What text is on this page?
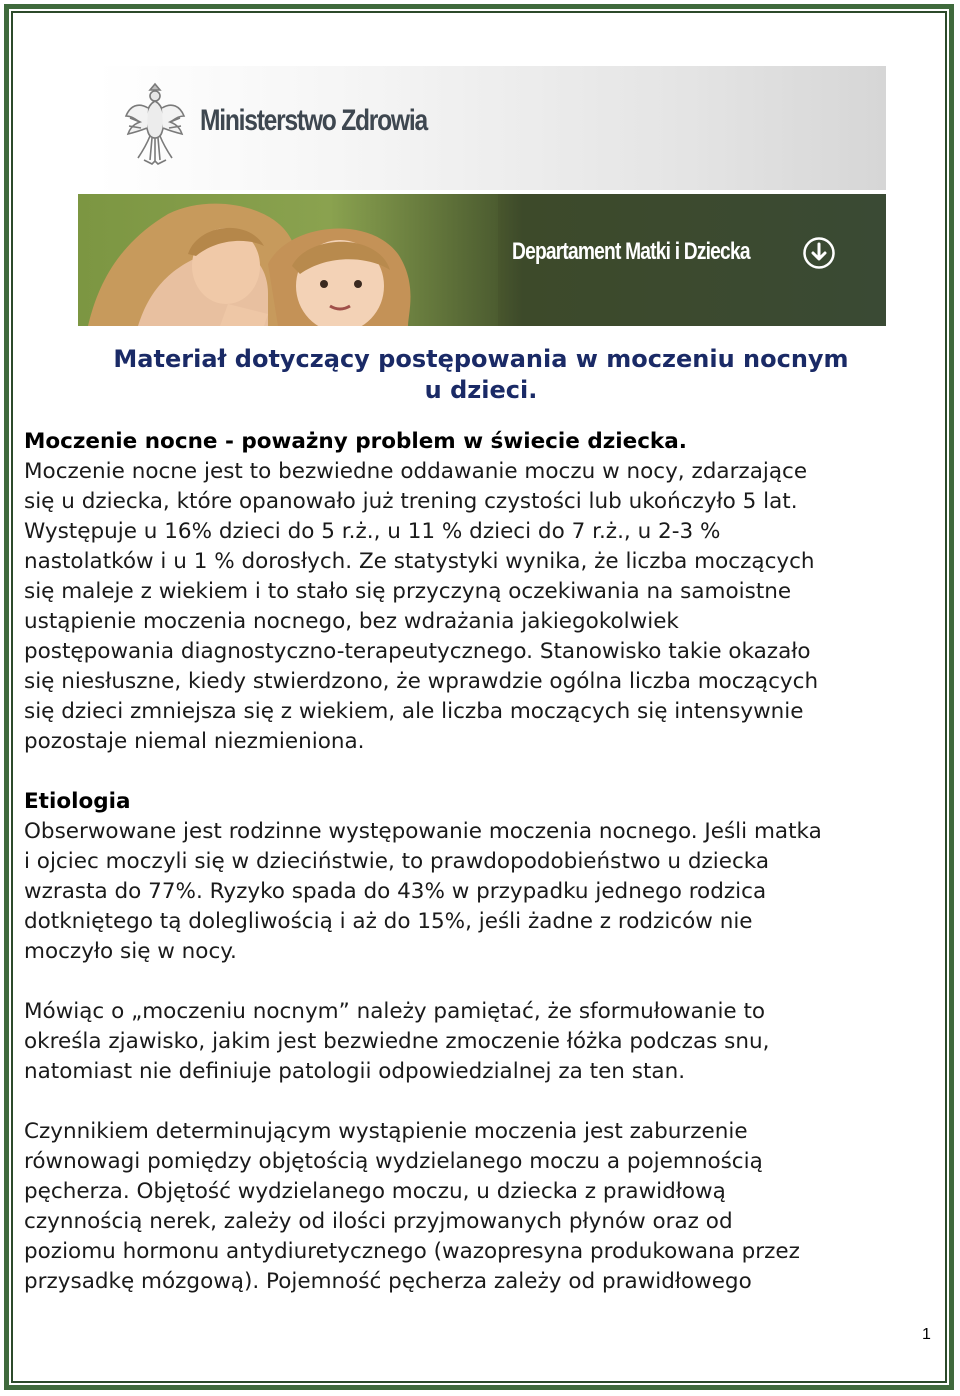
Ministerstwo Zdrowia
Departament Matki i Dziecka
Materiał dotyczący postępowania w moczeniu nocnym
u dzieci.
Moczenie nocne - poważny problem w świecie dziecka.
Moczenie nocne jest to bezwiedne oddawanie moczu w nocy, zdarzające
się u dziecka, które opanowało już trening czystości lub ukończyło 5 lat.
Występuje u 16% dzieci do 5 r.ż., u 11 % dzieci do 7 r.ż., u 2-3 %
nastolatków i u 1 % dorosłych. Ze statystyki wynika, że liczba moczących
się maleje z wiekiem i to stało się przyczyną oczekiwania na samoistne
ustąpienie moczenia nocnego, bez wdrażania jakiegokolwiek
postępowania diagnostyczno-terapeutycznego. Stanowisko takie okazało
się niesłuszne, kiedy stwierdzono, że wprawdzie ogólna liczba moczących
się dzieci zmniejsza się z wiekiem, ale liczba moczących się intensywnie
pozostaje niemal niezmieniona.
Etiologia
Obserwowane jest rodzinne występowanie moczenia nocnego. Jeśli matka
i ojciec moczyli się w dzieciństwie, to prawdopodobieństwo u dziecka
wzrasta do 77%. Ryzyko spada do 43% w przypadku jednego rodzica
dotkniętego tą dolegliwością i aż do 15%, jeśli żadne z rodziców nie
moczyło się w nocy.
Mówiąc o „moczeniu nocnym” należy pamiętać, że sformułowanie to
określa zjawisko, jakim jest bezwiedne zmoczenie łóżka podczas snu,
natomiast nie definiuje patologii odpowiedzialnej za ten stan.
Czynnikiem determinującym wystąpienie moczenia jest zaburzenie
równowagi pomiędzy objętością wydzielanego moczu a pojemnością
pęcherza. Objętość wydzielanego moczu, u dziecka z prawidłową
czynnością nerek, zależy od ilości przyjmowanych płynów oraz od
poziomu hormonu antydiuretycznego (wazopresyna produkowana przez
przysadkę mózgową). Pojemność pęcherza zależy od prawidłowego
1
